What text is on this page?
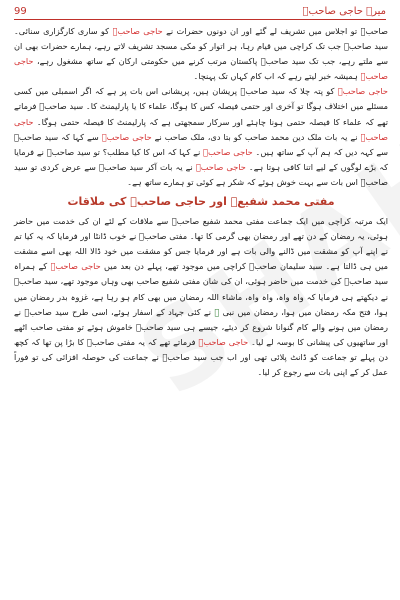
99	میرے حاجی صاحبؒ

صاحبؒ تو اجلاس میں تشریف لے گئے اور ان دونوں حضرات نے حاجی صاحبؒ کو ساری کارگزاری سنائی۔ سید صاحبؒ جب تک کراچی میں قیام رہا، ہر اتوار کو مکی مسجد تشریف لاتے رہے، ہمارے حضرات بھی ان سے ملتے رہے، جب تک سید صاحبؒ پاکستان مرتب کرنے میں حکومتی ارکان کے ساتھ مشغول رہے، حاجی صاحبؒ ہمیشہ خبر لیتے رہے کہ اب کام کہاں تک پہنچا۔

حاجی صاحبؒ کو پتہ چلا کہ سید صاحبؒ پریشان ہیں، پریشانی اس بات پر ہے کہ اگر اسمبلی میں کسی مسئلے میں اختلاف ہوگا تو آخری اور حتمی فیصلہ کس کا ہوگا، علماء کا یا پارلیمنٹ کا۔ سید صاحبؒ فرماتے تھے کہ علماء کا فیصلہ حتمی ہونا چاہئے اور سرکار سمجھتی ہے کہ پارلیمنٹ کا فیصلہ حتمی ہوگا۔ حاجی صاحبؒ نے یہ بات ملک دین محمد صاحب کو بتا دی، ملک صاحب نے حاجی صاحبؒ سے کہا کہ سید صاحبؒ سے کہہ دیں کہ ہم آپ کے ساتھ ہیں۔ حاجی صاحبؒ نے کہا کہ اس کا کیا مطلب؟ تو سید صاحبؒ نے فرمایا کہ بڑے لوگوں کے لیے اتنا کافی ہوتا ہے۔ حاجی صاحبؒ نے یہ بات آکر سید صاحبؒ سے عرض کردی تو سید صاحبؒ اس بات سے بہت خوش ہوئے کہ شکر ہے کوئی تو ہمارے ساتھ ہے۔

مفتی محمد شفیعؒ اور حاجی صاحبؒ کی ملاقات

ایک مرتبہ کراچی میں ایک جماعت مفتی محمد شفیع صاحبؒ سے ملاقات کے لئے ان کی خدمت میں حاضر ہوئی، یہ رمضان کے دن تھے اور رمضان بھی گرمی کا تھا۔ مفتی صاحبؒ نے خوب ڈانٹا اور فرمایا کہ یہ کیا تم نے اپنے آپ کو مشقت میں ڈالنے والی بات ہے اور فرمایا جس کو مشقت میں خود ڈالا اللہ بھی اسے مشقت میں ہی ڈالتا ہے۔ سید سلیمان صاحبؒ کراچی میں موجود تھے، پہلے دن بعد میں حاجی صاحبؒ کے ہمراہ سید صاحبؒ کی خدمت میں حاضر ہوئی، ان کی شان مفتی شفیع صاحب بھی وہاں موجود تھے، سید صاحبؒ نے دیکھتے ہی فرمایا کہ واہ واہ، واہ واہ، ماشاء اللہ رمضان میں بھی کام ہو رہا ہے، غزوہ بدر رمضان میں ہوا، فتح مکہ رمضان میں ہوا، رمضان میں نبی ﷺ نے کئی جہاد کے اسفار ہوئے، اسی طرح سید صاحبؒ نے رمضان میں ہونے والے کام گنوانا شروع کر دیئے، جیسے ہی سید صاحبؒ خاموش ہوئے تو مفتی صاحب اٹھے اور ساتھیوں کی پیشانی کا بوسہ لے لیا۔ حاجی صاحبؒ فرماتے تھے کہ یہ مفتی صاحبؒ کا بڑا پن تھا کہ کچھ دن پہلے تو جماعت کو ڈانٹ پلائی تھی اور اب جب سید صاحبؒ نے جماعت کی حوصلہ افزائی کی تو فوراً عمل کر کے اپنی بات سے رجوع کر لیا۔
